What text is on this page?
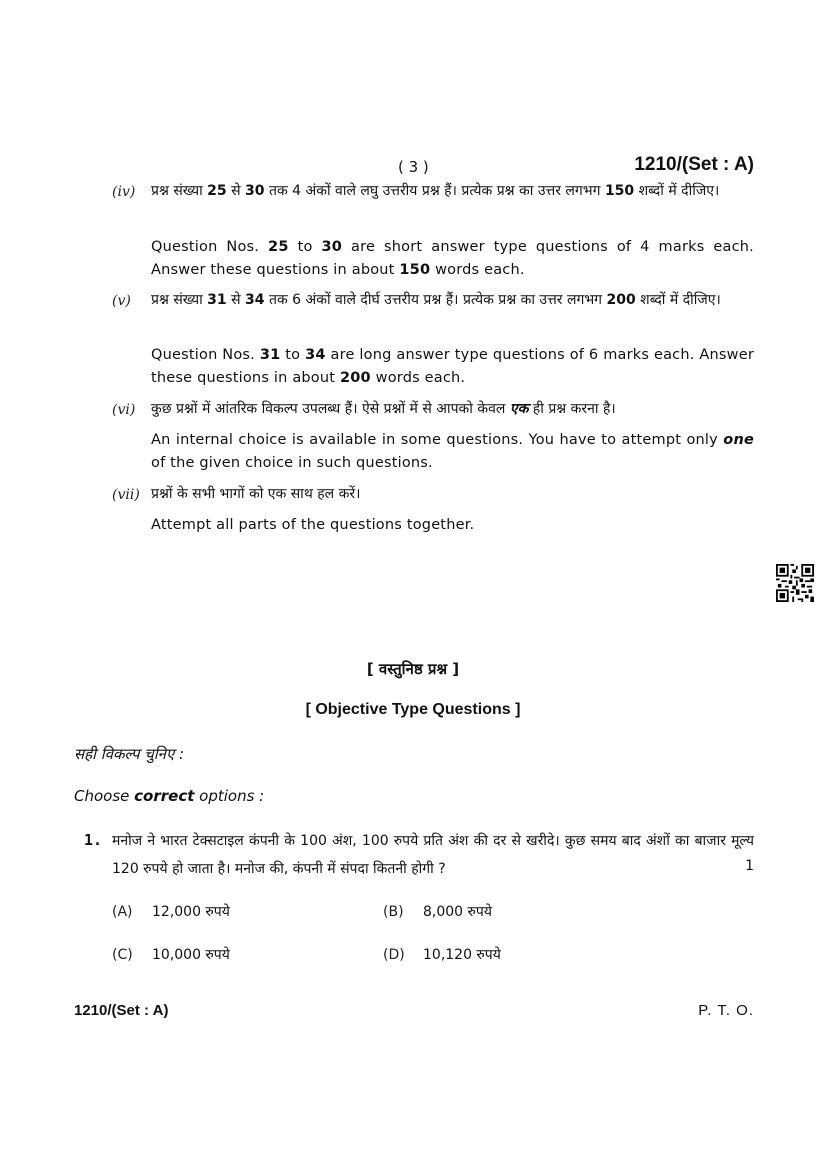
( 3 )	1210/(Set : A)
(iv) प्रश्न संख्या 25 से 30 तक 4 अंकों वाले लघु उत्तरीय प्रश्न हैं। प्रत्येक प्रश्न का उत्तर लगभग 150 शब्दों में दीजिए।
Question Nos. 25 to 30 are short answer type questions of 4 marks each. Answer these questions in about 150 words each.
(v) प्रश्न संख्या 31 से 34 तक 6 अंकों वाले दीर्घ उत्तरीय प्रश्न हैं। प्रत्येक प्रश्न का उत्तर लगभग 200 शब्दों में दीजिए।
Question Nos. 31 to 34 are long answer type questions of 6 marks each. Answer these questions in about 200 words each.
(vi) कुछ प्रश्नों में आंतरिक विकल्प उपलब्ध हैं। ऐसे प्रश्नों में से आपको केवल एक ही प्रश्न करना है।
An internal choice is available in some questions. You have to attempt only one of the given choice in such questions.
(vii) प्रश्नों के सभी भागों को एक साथ हल करें।
Attempt all parts of the questions together.
[ वस्तुनिष्ठ प्रश्न ]
[ Objective Type Questions ]
सही विकल्प चुनिए :
Choose correct options :
1. मनोज ने भारत टेक्सटाइल कंपनी के 100 अंश, 100 रुपये प्रति अंश की दर से खरीदे। कुछ समय बाद अंशों का बाजार मूल्य 120 रुपये हो जाता है। मनोज की, कंपनी में संपदा कितनी होगी ?	1
(A) 12,000 रुपये	(B) 8,000 रुपये
(C) 10,000 रुपये	(D) 10,120 रुपये
1210/(Set : A)	P. T. O.
